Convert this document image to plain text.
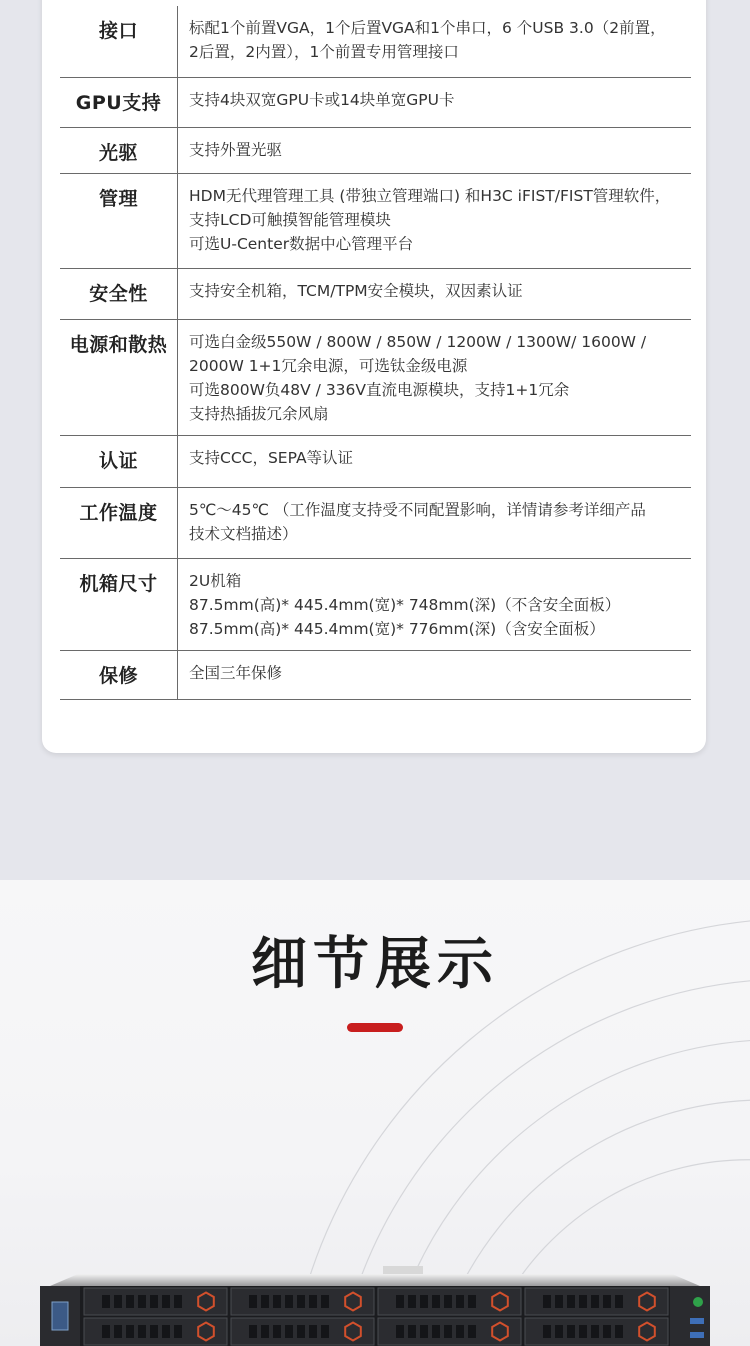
接口	标配1个前置VGA，1个后置VGA和1个串口，6 个USB 3.0（2前置，
2后置，2内置），1个前置专用管理接口
GPU支持	支持4块双宽GPU卡或14块单宽GPU卡
光驱	支持外置光驱
管理	HDM无代理管理工具 (带独立管理端口) 和H3C iFIST/FIST管理软件，
支持LCD可触摸智能管理模块
可选U-Center数据中心管理平台
安全性	支持安全机箱，TCM/TPM安全模块，双因素认证
电源和散热	可选白金级550W / 800W / 850W / 1200W / 1300W/ 1600W /
2000W 1+1冗余电源，可选钛金级电源
可选800W负48V / 336V直流电源模块，支持1+1冗余
支持热插拔冗余风扇
认证	支持CCC，SEPA等认证
工作温度	5℃～45℃ （工作温度支持受不同配置影响，详情请参考详细产品
技术文档描述）
机箱尺寸	2U机箱
87.5mm(高)* 445.4mm(宽)* 748mm(深)（不含安全面板）
87.5mm(高)* 445.4mm(宽)* 776mm(深)（含安全面板）
保修	全国三年保修
细节展示
